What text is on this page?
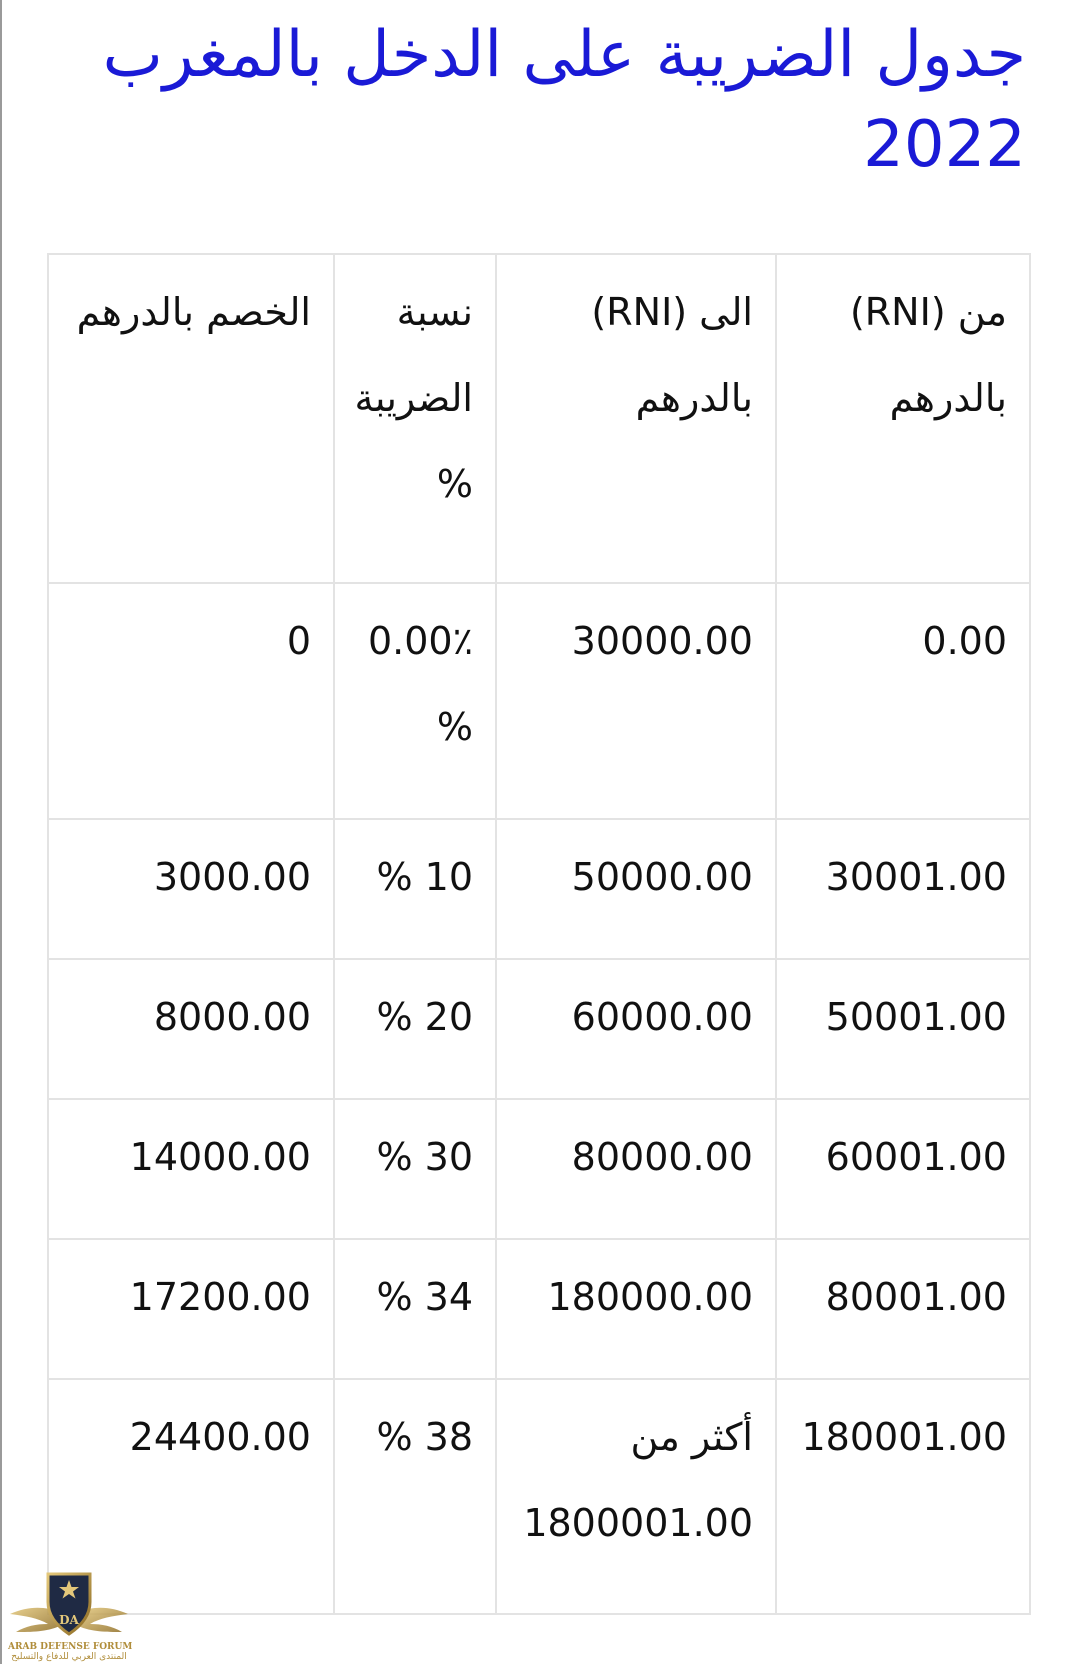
جدول الضريبة على الدخل بالمغرب 2022
من (RNI) بالدرهم	الى (RNI) بالدرهم	نسبة الضريبة %	الخصم بالدرهم
0.00	30000.00	0.00٪ %	0
30001.00	50000.00	10 %	3000.00
50001.00	60000.00	20 %	8000.00
60001.00	80000.00	30 %	14000.00
80001.00	180000.00	34 %	17200.00
180001.00	أكثر من 1800001.00	38 %	24400.00
DA
ARAB DEFENSE FORUM
المنتدى العربي للدفاع والتسليح
